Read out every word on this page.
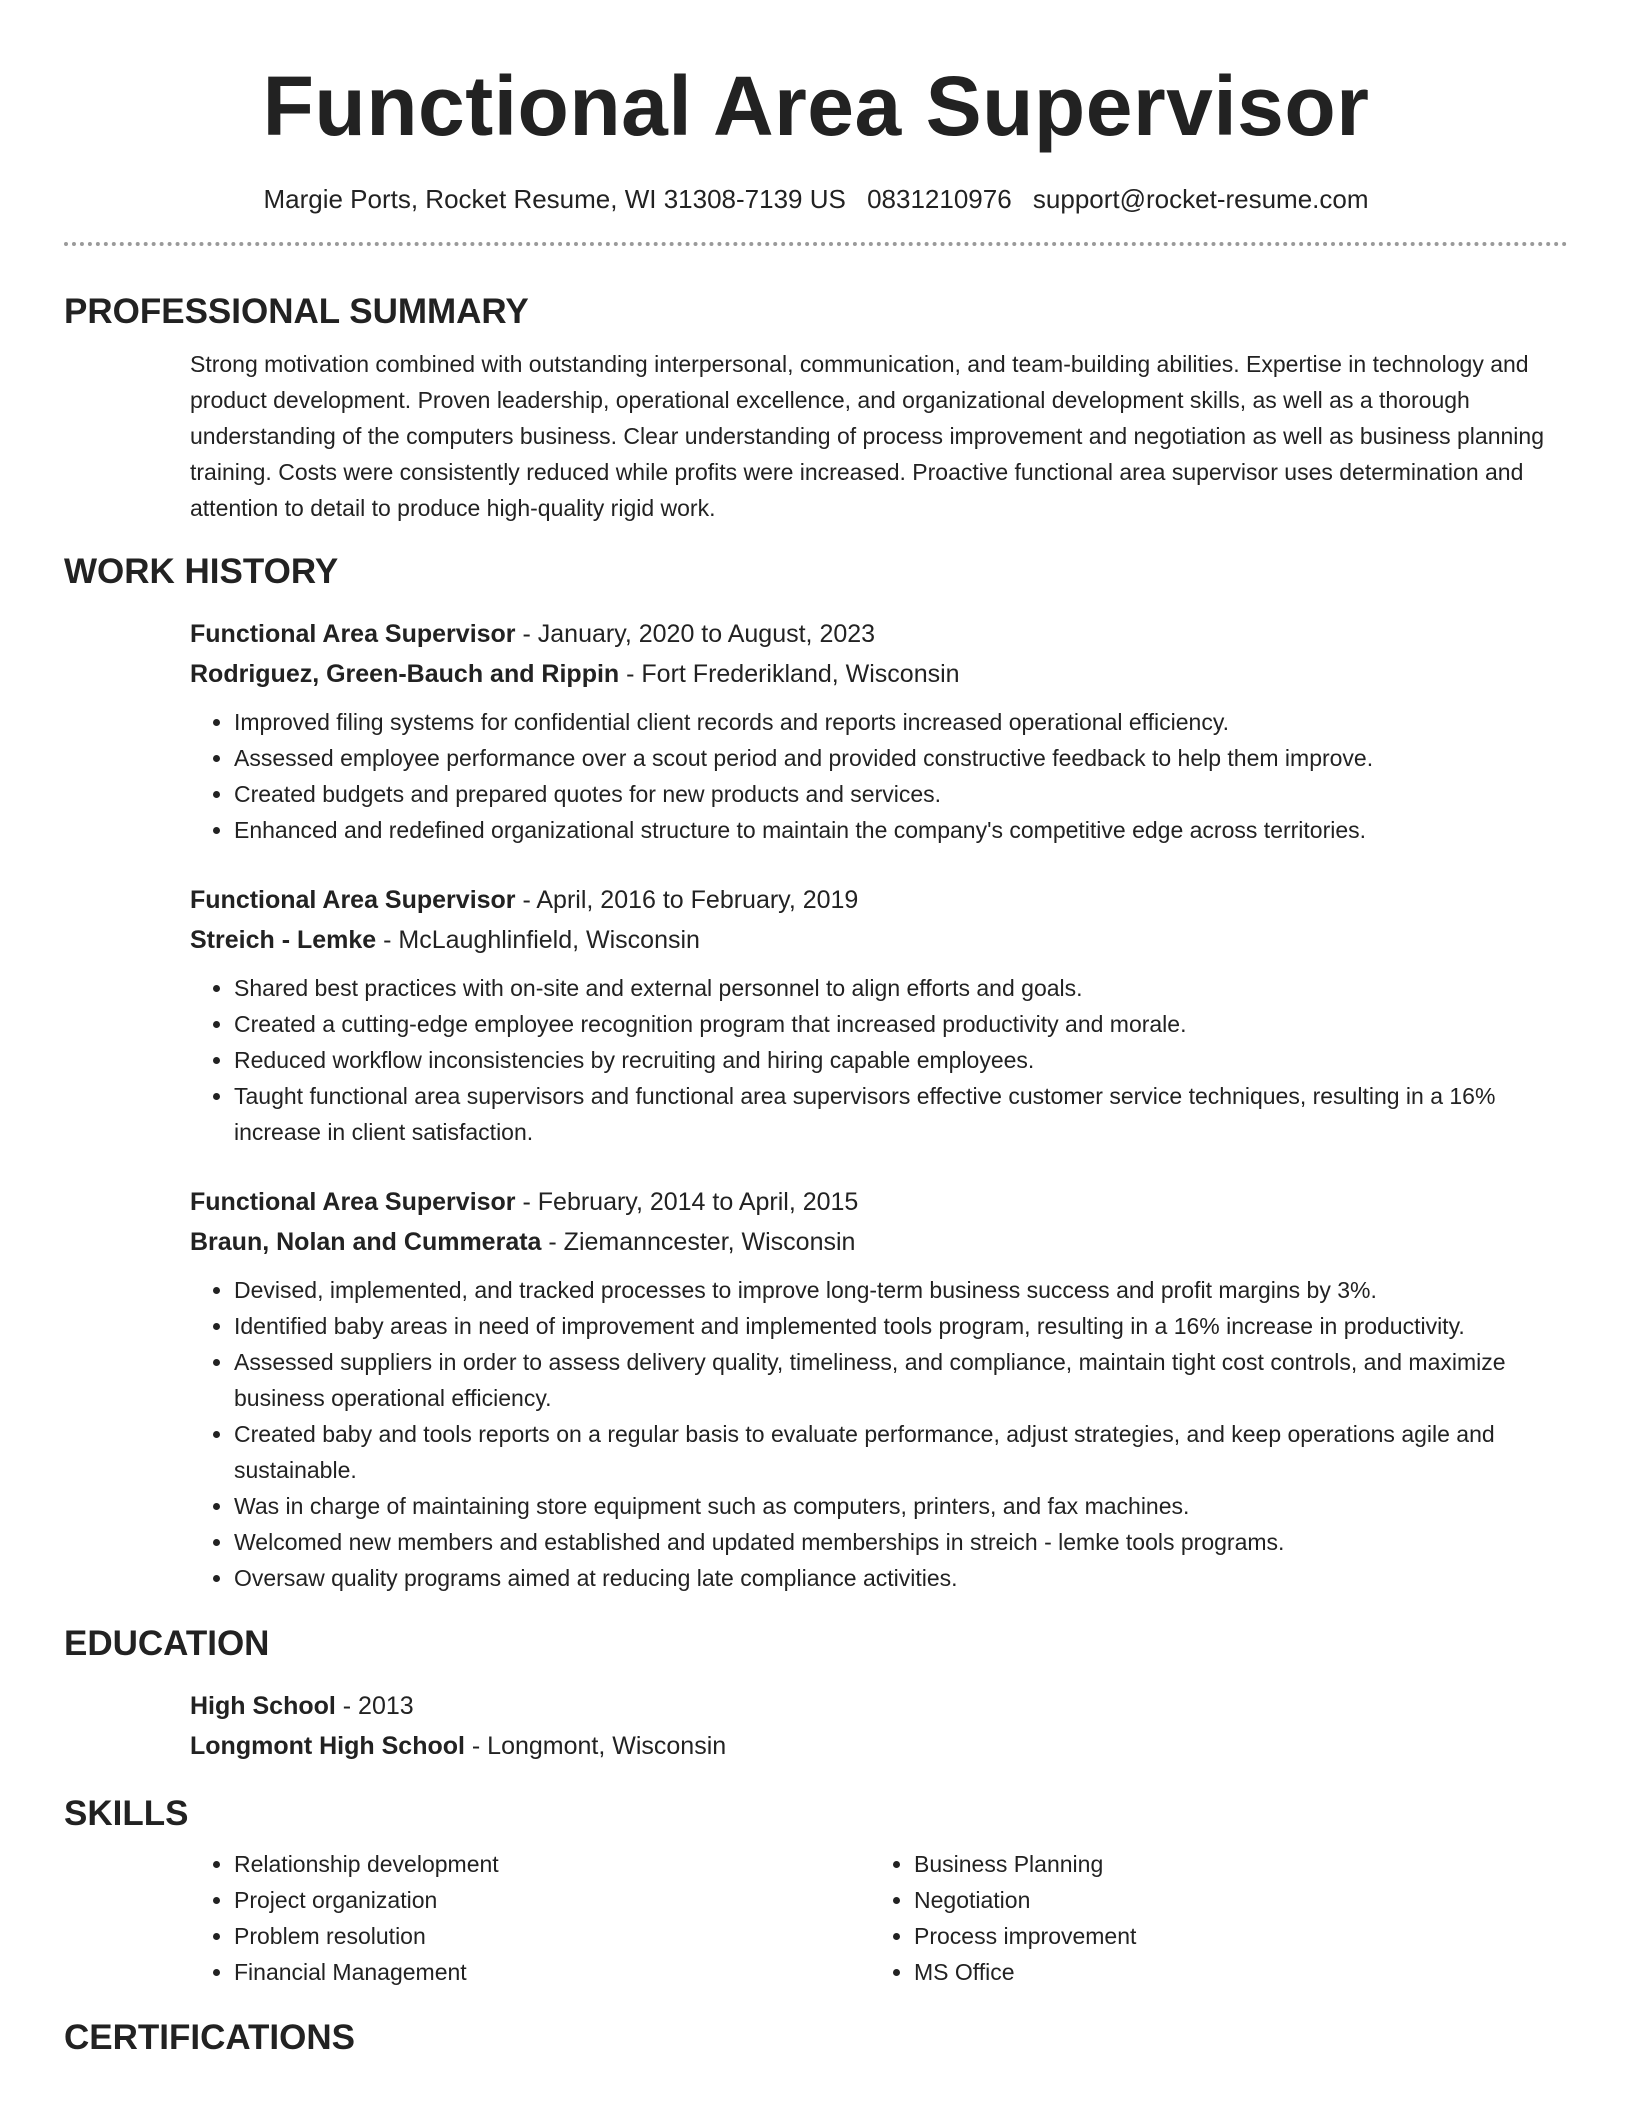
Functional Area Supervisor
Margie Ports, Rocket Resume, WI 31308-7139 US 0831210976 support@rocket-resume.com
PROFESSIONAL SUMMARY
Strong motivation combined with outstanding interpersonal, communication, and team-building abilities. Expertise in technology and product development. Proven leadership, operational excellence, and organizational development skills, as well as a thorough understanding of the computers business. Clear understanding of process improvement and negotiation as well as business planning training. Costs were consistently reduced while profits were increased. Proactive functional area supervisor uses determination and attention to detail to produce high-quality rigid work.
WORK HISTORY
Functional Area Supervisor - January, 2020 to August, 2023
Rodriguez, Green-Bauch and Rippin - Fort Frederikland, Wisconsin
• Improved filing systems for confidential client records and reports increased operational efficiency.
• Assessed employee performance over a scout period and provided constructive feedback to help them improve.
• Created budgets and prepared quotes for new products and services.
• Enhanced and redefined organizational structure to maintain the company's competitive edge across territories.
Functional Area Supervisor - April, 2016 to February, 2019
Streich - Lemke - McLaughlinfield, Wisconsin
• Shared best practices with on-site and external personnel to align efforts and goals.
• Created a cutting-edge employee recognition program that increased productivity and morale.
• Reduced workflow inconsistencies by recruiting and hiring capable employees.
• Taught functional area supervisors and functional area supervisors effective customer service techniques, resulting in a 16% increase in client satisfaction.
Functional Area Supervisor - February, 2014 to April, 2015
Braun, Nolan and Cummerata - Ziemanncester, Wisconsin
• Devised, implemented, and tracked processes to improve long-term business success and profit margins by 3%.
• Identified baby areas in need of improvement and implemented tools program, resulting in a 16% increase in productivity.
• Assessed suppliers in order to assess delivery quality, timeliness, and compliance, maintain tight cost controls, and maximize business operational efficiency.
• Created baby and tools reports on a regular basis to evaluate performance, adjust strategies, and keep operations agile and sustainable.
• Was in charge of maintaining store equipment such as computers, printers, and fax machines.
• Welcomed new members and established and updated memberships in streich - lemke tools programs.
• Oversaw quality programs aimed at reducing late compliance activities.
EDUCATION
High School - 2013
Longmont High School - Longmont, Wisconsin
SKILLS
• Relationship development
• Project organization
• Problem resolution
• Financial Management
• Business Planning
• Negotiation
• Process improvement
• MS Office
CERTIFICATIONS
